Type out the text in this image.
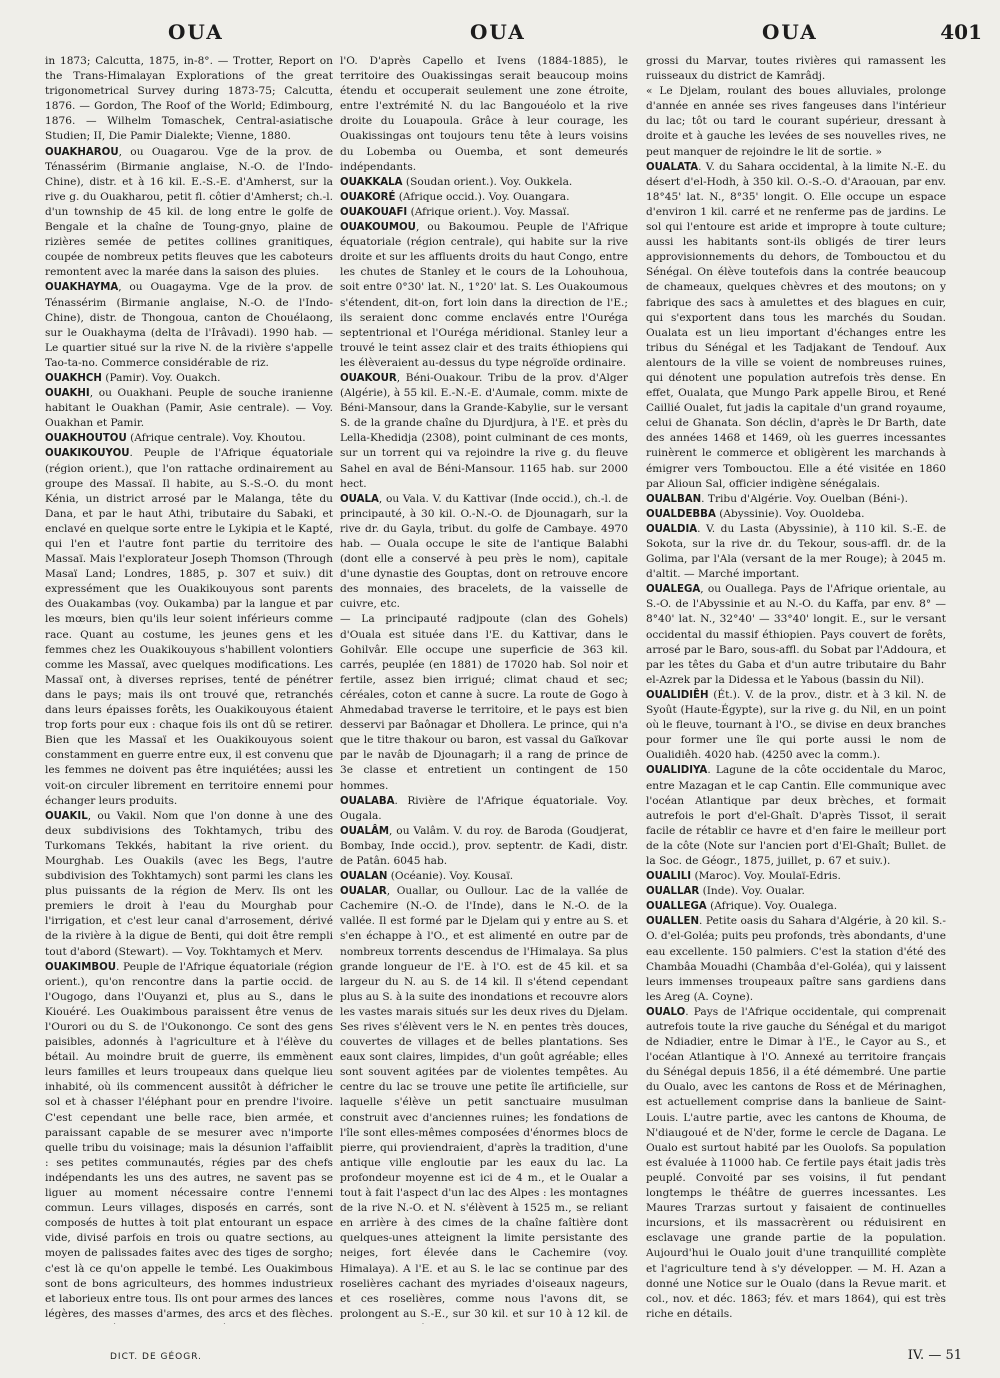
OUA	OUA	OUA	401

in 1873; Calcutta, 1875, in-8°. — Trotter, Report on the Trans-Himalayan Explorations of the great trigonometrical Survey during 1873-75; Calcutta, 1876. — Gordon, The Roof of the World; Edimbourg, 1876. — Wilhelm Tomaschek, Central-asiatische Studien; II, Die Pamir Dialekte; Vienne, 1880.

OUAKHAROU, ou Ouagarou. Vge de la prov. de Ténassérim (Birmanie anglaise, N.-O. de l'Indo-Chine), distr. et à 16 kil. E.-S.-E. d'Amherst, sur la rive g. du Ouakharou, petit fl. côtier d'Amherst; ch.-l. d'un township de 45 kil. de long entre le golfe de Bengale et la chaîne de Toung-gnyo, plaine de rizières semée de petites collines granitiques, coupée de nombreux petits fleuves que les caboteurs remontent avec la marée dans la saison des pluies.

OUAKHAYMA, ou Ouagayma. Vge de la prov. de Ténassérim (Birmanie anglaise, N.-O. de l'Indo-Chine), distr. de Thongoua, canton de Chouélaong, sur le Ouakhayma (delta de l'Irâvadi). 1990 hab. — Le quartier situé sur la rive N. de la rivière s'appelle Tao-ta-no. Commerce considérable de riz.

OUAKHCH (Pamir). Voy. Ouakch.

OUAKHI, ou Ouakhani. Peuple de souche iranienne habitant le Ouakhan (Pamir, Asie centrale). — Voy. Ouakhan et Pamir.

OUAKHOUTOU (Afrique centrale). Voy. Khoutou.

OUAKIKOUYOU. Peuple de l'Afrique équatoriale (région orient.), que l'on rattache ordinairement au groupe des Massaï. Il habite, au S.-S.-O. du mont Kénia, un district arrosé par le Malanga, tête du Dana, et par le haut Athi, tributaire du Sabaki, et enclavé en quelque sorte entre le Lykipia et le Kapté, qui l'en et l'autre font partie du territoire des Massaï. Mais l'explorateur Joseph Thomson (Through Masaï Land; Londres, 1885, p. 307 et suiv.) dit expressément que les Ouakikouyous sont parents des Ouakambas (voy. Oukamba) par la langue et par les mœurs, bien qu'ils leur soient inférieurs comme race. Quant au costume, les jeunes gens et les femmes chez les Ouakikouyous s'habillent volontiers comme les Massaï, avec quelques modifications. Les Massaï ont, à diverses reprises, tenté de pénétrer dans le pays; mais ils ont trouvé que, retranchés dans leurs épaisses forêts, les Ouakikouyous étaient trop forts pour eux : chaque fois ils ont dû se retirer. Bien que les Massaï et les Ouakikouyous soient constamment en guerre entre eux, il est convenu que les femmes ne doivent pas être inquiétées; aussi les voit-on circuler librement en territoire ennemi pour échanger leurs produits.

OUAKIL, ou Vakil. Nom que l'on donne à une des deux subdivisions des Tokhtamych, tribu des Turkomans Tekkés, habitant la rive orient. du Mourghab. Les Ouakils (avec les Begs, l'autre subdivision des Tokhtamych) sont parmi les clans les plus puissants de la région de Merv. Ils ont les premiers le droit à l'eau du Mourghab pour l'irrigation, et c'est leur canal d'arrosement, dérivé de la rivière à la digue de Benti, qui doit être rempli tout d'abord (Stewart). — Voy. Tokhtamych et Merv.

OUAKIMBOU. Peuple de l'Afrique équatoriale (région orient.), qu'on rencontre dans la partie occid. de l'Ougogo, dans l'Ouyanzi et, plus au S., dans le Kiouéré. Les Ouakimbous paraissent être venus de l'Ourori ou du S. de l'Oukonongo. Ce sont des gens paisibles, adonnés à l'agriculture et à l'élève du bétail. Au moindre bruit de guerre, ils emmènent leurs familles et leurs troupeaux dans quelque lieu inhabité, où ils commencent aussitôt à défricher le sol et à chasser l'éléphant pour en prendre l'ivoire. C'est cependant une belle race, bien armée, et paraissant capable de se mesurer avec n'importe quelle tribu du voisinage; mais la désunion l'affaiblit : ses petites communautés, régies par des chefs indépendants les uns des autres, ne savent pas se liguer au moment nécessaire contre l'ennemi commun. Leurs villages, disposés en carrés, sont composés de huttes à toit plat entourant un espace vide, divisé parfois en trois ou quatre sections, au moyen de palissades faites avec des tiges de sorgho; c'est là ce qu'on appelle le tembé. Les Ouakimbous sont de bons agriculteurs, des hommes industrieux et laborieux entre tous. Ils ont pour armes des lances légères, des masses d'armes, des arcs et des flèches.

l'O. D'après Capello et Ivens (1884-1885), le territoire des Ouakissingas serait beaucoup moins étendu et occuperait seulement une zone étroite, entre l'extrémité N. du lac Bangouéolo et la rive droite du Louapoula. Grâce à leur courage, les Ouakissingas ont toujours tenu tête à leurs voisins du Lobemba ou Ouemba, et sont demeurés indépendants.

OUAKKALA (Soudan orient.). Voy. Oukkela.

OUAKORÉ (Afrique occid.). Voy. Ouangara.

OUAKOUAFI (Afrique orient.). Voy. Massaï.

OUAKOUMOU, ou Bakoumou. Peuple de l'Afrique équatoriale (région centrale), qui habite sur la rive droite et sur les affluents droits du haut Congo, entre les chutes de Stanley et le cours de la Lohouhoua, soit entre 0°30' lat. N., 1°20' lat. S. Les Ouakoumous s'étendent, dit-on, fort loin dans la direction de l'E.; ils seraient donc comme enclavés entre l'Ouréga septentrional et l'Ouréga méridional. Stanley leur a trouvé le teint assez clair et des traits éthiopiens qui les élèveraient au-dessus du type négroïde ordinaire.

OUAKOUR, Béni-Ouakour. Tribu de la prov. d'Alger (Algérie), à 55 kil. E.-N.-E. d'Aumale, comm. mixte de Béni-Mansour, dans la Grande-Kabylie, sur le versant S. de la grande chaîne du Djurdjura, à l'E. et près du Lella-Khedidja (2308), point culminant de ces monts, sur un torrent qui va rejoindre la rive g. du fleuve Sahel en aval de Béni-Mansour. 1165 hab. sur 2000 hect.

OUALA, ou Vala. V. du Kattivar (Inde occid.), ch.-l. de principauté, à 30 kil. O.-N.-O. de Djounagarh, sur la rive dr. du Gayla, tribut. du golfe de Cambaye. 4970 hab. — Ouala occupe le site de l'antique Balabhi (dont elle a conservé à peu près le nom), capitale d'une dynastie des Gouptas, dont on retrouve encore des monnaies, des bracelets, de la vaisselle de cuivre, etc.

— La principauté radjpoute (clan des Gohels) d'Ouala est située dans l'E. du Kattivar, dans le Gohilvâr. Elle occupe une superficie de 363 kil. carrés, peuplée (en 1881) de 17020 hab. Sol noir et fertile, assez bien irrigué; climat chaud et sec; céréales, coton et canne à sucre. La route de Gogo à Ahmedabad traverse le territoire, et le pays est bien desservi par Baônagar et Dhollera. Le prince, qui n'a que le titre thakour ou baron, est vassal du Gaïkovar par le navâb de Djounagarh; il a rang de prince de 3e classe et entretient un contingent de 150 hommes.

OUALABA. Rivière de l'Afrique équatoriale. Voy. Ougala.

OUALÂM, ou Valâm. V. du roy. de Baroda (Goudjerat, Bombay, Inde occid.), prov. septentr. de Kadi, distr. de Patân. 6045 hab.

OUALAN (Océanie). Voy. Kousaï.

OUALAR, Ouallar, ou Oullour. Lac de la vallée de Cachemire (N.-O. de l'Inde), dans le N.-O. de la vallée. Il est formé par le Djelam qui y entre au S. et s'en échappe à l'O., et est alimenté en outre par de nombreux torrents descendus de l'Himalaya. Sa plus grande longueur de l'E. à l'O. est de 45 kil. et sa largeur du N. au S. de 14 kil. Il s'étend cependant plus au S. à la suite des inondations et recouvre alors les vastes marais situés sur les deux rives du Djelam. Ses rives s'élèvent vers le N. en pentes très douces, couvertes de villages et de belles plantations. Ses eaux sont claires, limpides, d'un goût agréable; elles sont souvent agitées par de violentes tempêtes. Au centre du lac se trouve une petite île artificielle, sur laquelle s'élève un petit sanctuaire musulman construit avec d'anciennes ruines; les fondations de l'île sont elles-mêmes composées d'énormes blocs de pierre, qui proviendraient, d'après la tradition, d'une antique ville engloutie par les eaux du lac. La profondeur moyenne est ici de 4 m., et le Oualar a tout à fait l'aspect d'un lac des Alpes : les montagnes de la rive N.-O. et N. s'élèvent à 1525 m., se reliant en arrière à des cimes de la chaîne faîtière dont quelques-unes atteignent la limite persistante des neiges, fort élevée dans le Cachemire (voy. Himalaya). A l'E. et au S. le lac se continue par des roselières cachant des myriades d'oiseaux nageurs, et ces roselières, comme nous l'avons dit, se prolongent au S.-E., sur 30 kil. et sur 10 à 12 kil. de

grossi du Marvar, toutes rivières qui ramassent les ruisseaux du district de Kamrâdj.

« Le Djelam, roulant des boues alluviales, prolonge d'année en année ses rives fangeuses dans l'intérieur du lac; tôt ou tard le courant supérieur, dressant à droite et à gauche les levées de ses nouvelles rives, ne peut manquer de rejoindre le lit de sortie. »

OUALATA. V. du Sahara occidental, à la limite N.-E. du désert d'el-Hodh, à 350 kil. O.-S.-O. d'Araouan, par env. 18°45' lat. N., 8°35' longit. O. Elle occupe un espace d'environ 1 kil. carré et ne renferme pas de jardins. Le sol qui l'entoure est aride et impropre à toute culture; aussi les habitants sont-ils obligés de tirer leurs approvisionnements du dehors, de Tombouctou et du Sénégal. On élève toutefois dans la contrée beaucoup de chameaux, quelques chèvres et des moutons; on y fabrique des sacs à amulettes et des blagues en cuir, qui s'exportent dans tous les marchés du Soudan. Oualata est un lieu important d'échanges entre les tribus du Sénégal et les Tadjakant de Tendouf. Aux alentours de la ville se voient de nombreuses ruines, qui dénotent une population autrefois très dense. En effet, Oualata, que Mungo Park appelle Birou, et René Caillié Oualet, fut jadis la capitale d'un grand royaume, celui de Ghanata. Son déclin, d'après le Dr Barth, date des années 1468 et 1469, où les guerres incessantes ruinèrent le commerce et obligèrent les marchands à émigrer vers Tombouctou. Elle a été visitée en 1860 par Alioun Sal, officier indigène sénégalais.

OUALBAN. Tribu d'Algérie. Voy. Ouelban (Béni-).

OUALDEBBA (Abyssinie). Voy. Ouoldeba.

OUALDIA. V. du Lasta (Abyssinie), à 110 kil. S.-E. de Sokota, sur la rive dr. du Tekour, sous-affl. dr. de la Golima, par l'Ala (versant de la mer Rouge); à 2045 m. d'altit. — Marché important.

OUALEGA, ou Ouallega. Pays de l'Afrique orientale, au S.-O. de l'Abyssinie et au N.-O. du Kaffa, par env. 8° — 8°40' lat. N., 32°40' — 33°40' longit. E., sur le versant occidental du massif éthiopien. Pays couvert de forêts, arrosé par le Baro, sous-affl. du Sobat par l'Addoura, et par les têtes du Gaba et d'un autre tributaire du Bahr el-Azrek par la Didessa et le Yabous (bassin du Nil).

OUALIDIÊH (Ét.). V. de la prov., distr. et à 3 kil. N. de Syoût (Haute-Égypte), sur la rive g. du Nil, en un point où le fleuve, tournant à l'O., se divise en deux branches pour former une île qui porte aussi le nom de Oualidiêh. 4020 hab. (4250 avec la comm.).

OUALIDIYA. Lagune de la côte occidentale du Maroc, entre Mazagan et le cap Cantin. Elle communique avec l'océan Atlantique par deux brèches, et formait autrefois le port d'el-Ghaît. D'après Tissot, il serait facile de rétablir ce havre et d'en faire le meilleur port de la côte (Note sur l'ancien port d'El-Ghaît; Bullet. de la Soc. de Géogr., 1875, juillet, p. 67 et suiv.).

OUALILI (Maroc). Voy. Moulaï-Edris.

OUALLAR (Inde). Voy. Oualar.

OUALLEGA (Afrique). Voy. Oualega.

OUALLEN. Petite oasis du Sahara d'Algérie, à 20 kil. S.-O. d'el-Goléa; puits peu profonds, très abondants, d'une eau excellente. 150 palmiers. C'est la station d'été des Chambâa Mouadhi (Chambâa d'el-Goléa), qui y laissent leurs immenses troupeaux paître sans gardiens dans les Areg (A. Coyne).

OUALO. Pays de l'Afrique occidentale, qui comprenait autrefois toute la rive gauche du Sénégal et du marigot de Ndiadier, entre le Dimar à l'E., le Cayor au S., et l'océan Atlantique à l'O. Annexé au territoire français du Sénégal depuis 1856, il a été démembré. Une partie du Oualo, avec les cantons de Ross et de Mérinaghen, est actuellement comprise dans la banlieue de Saint-Louis. L'autre partie, avec les cantons de Khouma, de N'diaugoué et de N'der, forme le cercle de Dagana. Le Oualo est surtout habité par les Ouolofs. Sa population est évaluée à 11000 hab. Ce fertile pays était jadis très peuplé. Convoité par ses voisins, il fut pendant longtemps le théâtre de guerres incessantes. Les Maures Trarzas surtout y faisaient de continuelles incursions, et ils massacrèrent ou réduisirent en esclavage une grande partie de la population. Aujourd'hui le Oualo jouit d'une tranquillité complète et l'agriculture tend à s'y développer. — M. H. Azan a donné une Notice sur le Oualo (dans la Revue marit. et col., nov. et déc. 1863; fév. et mars 1864), qui est très riche en détails.

DICT. DE GÉOGR.	IV. — 51
